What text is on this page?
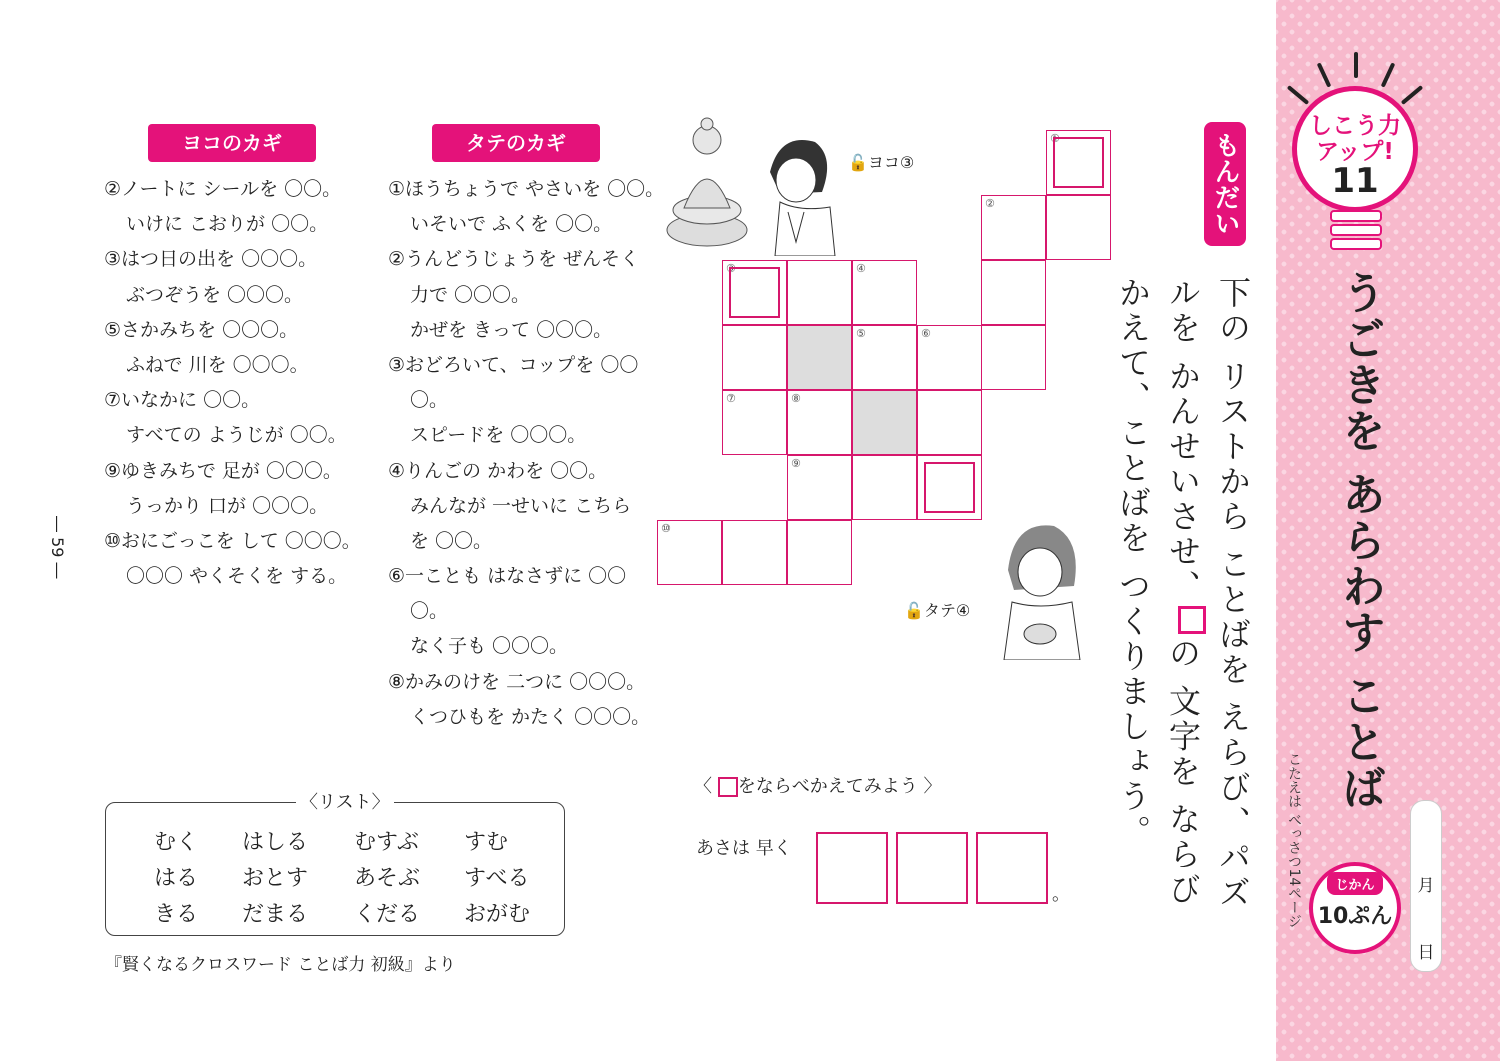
しこう力
アップ!
11
うごきを あらわす ことば
こたえは べっさつ14ページ	月
日
じかん
10ぷん
もんだい
下の リストから ことばを えらび、パズ
ルを かんせいさせ、の 文字を ならび
かえて、ことばを つくりましょう。
ヨコのカギ
②ノートに シールを 〇〇。
いけに こおりが 〇〇。
③はつ日の出を 〇〇〇。
ぶつぞうを 〇〇〇。
⑤さかみちを 〇〇〇。
ふねで 川を 〇〇〇。
⑦いなかに 〇〇。
すべての ようじが 〇〇。
⑨ゆきみちで 足が 〇〇〇。
うっかり 口が 〇〇〇。
⑩おにごっこを して 〇〇〇。
〇〇〇 やくそくを する。
タテのカギ
①ほうちょうで やさいを 〇〇。
いそいで ふくを 〇〇。
②うんどうじょうを ぜんそく
力で 〇〇〇。
かぜを きって 〇〇〇。
③おどろいて、コップを 〇〇
〇。
スピードを 〇〇〇。
④りんごの かわを 〇〇。
みんなが 一せいに こちら
を 〇〇。
⑥一ことも はなさずに 〇〇
〇。
なく子も 〇〇〇。
⑧かみのけを 二つに 〇〇〇。
くつひもを かたく 〇〇〇。
🔓ヨコ③
🔓タテ④
①
②
③	④
⑤	⑥
⑦	⑧
⑨
⑩
〈 をならべかえてみよう 〉
あさは 早く
。
むく はしる むすぶ すむ
はる おとす あそぶ すべる
きる だまる くだる おがむ
〈リスト〉
『賢くなるクロスワード ことば力 初級』より
― 59 ―
